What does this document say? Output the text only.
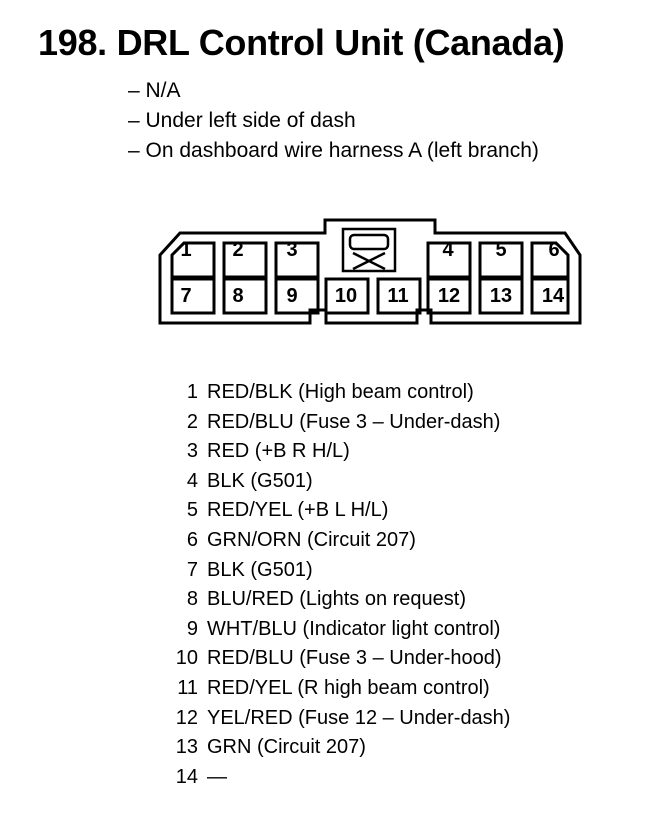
198. DRL Control Unit (Canada)
– N/A
– Under left side of dash
– On dashboard wire harness A (left branch)
1 2 3	4 5 6
7 8 9 10 11 12 13 14
1 RED/BLK (High beam control)
2 RED/BLU (Fuse 3 – Under-dash)
3 RED (+B R H/L)
4 BLK (G501)
5 RED/YEL (+B L H/L)
6 GRN/ORN (Circuit 207)
7 BLK (G501)
8 BLU/RED (Lights on request)
9 WHT/BLU (Indicator light control)
10 RED/BLU (Fuse 3 – Under-hood)
11 RED/YEL (R high beam control)
12 YEL/RED (Fuse 12 – Under-dash)
13 GRN (Circuit 207)
14 —
